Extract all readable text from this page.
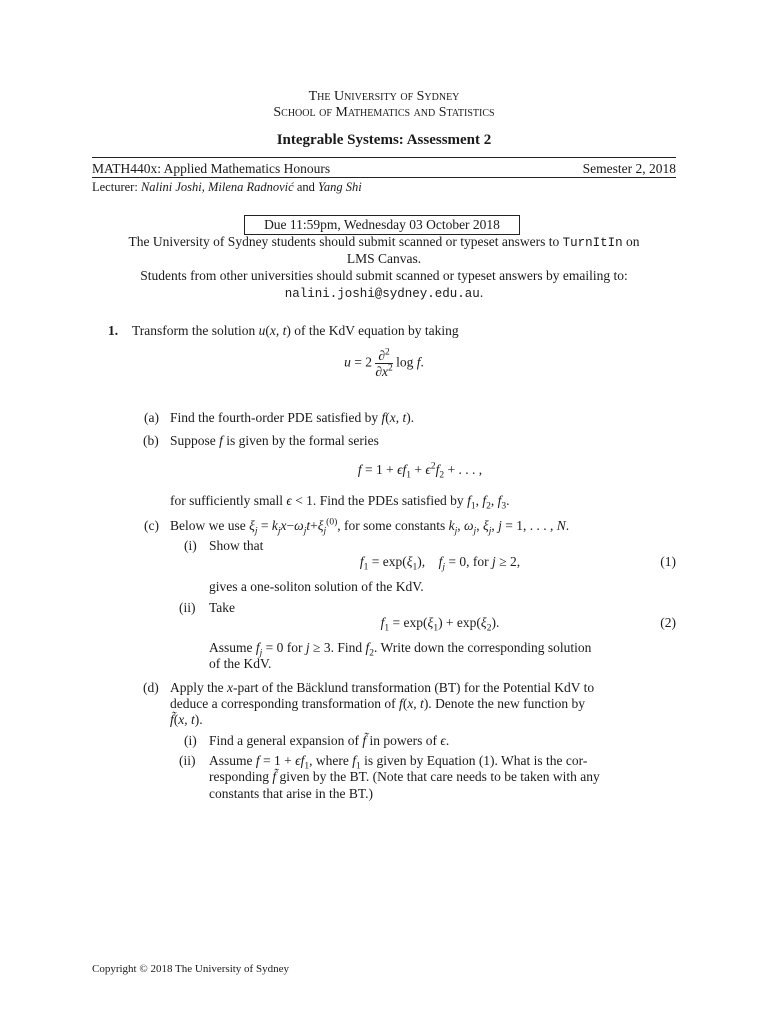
The University of Sydney
School of Mathematics and Statistics
Integrable Systems: Assessment 2
MATH440x: Applied Mathematics Honours	Semester 2, 2018
Lecturer: Nalini Joshi, Milena Radnović and Yang Shi
Due 11:59pm, Wednesday 03 October 2018
The University of Sydney students should submit scanned or typeset answers to TurnItIn on
LMS Canvas.
Students from other universities should submit scanned or typeset answers by emailing to:
nalini.joshi@sydney.edu.au.
1. Transform the solution u(x, t) of the KdV equation by taking
$u = 2 \frac{\partial^2}{\partial x^2}$ log f.
(a) Find the fourth-order PDE satisfied by f(x, t).
(b) Suppose f is given by the formal series
$f = 1 + \epsilon f_1 + \epsilon^2f_2$ + . . . ,
for sufficiently small ϵ < 1. Find the PDEs satisfied by $f_1$, $f_2$, $f_3$.
(c) Below we use $\xi_j = k_jx-\omega_jt+\xi_j^{(0)}$, for some constants $k_j$, $\omega_j$, $\xi_j$, j = 1, . . . , N.
(i) Show that
$f_1 = \exp(\xi_1)$,    $f_j = 0$, for j ≥ 2,	(1)
gives a one-soliton solution of the KdV.
(ii) Take
$f_1 = \exp(\xi_1) + \exp(\xi_2)$.	(2)
Assume $f_j = 0$ for j ≥ 3. Find $f_2$. Write down the corresponding solution
of the KdV.
(d) Apply the x-part of the Bäcklund transformation (BT) for the Potential KdV to
deduce a corresponding transformation of f(x, t). Denote the new function by
f̃(x, t).
(i) Find a general expansion of f̃ in powers of ϵ.
(ii) Assume $f = 1 + \epsilon f_1$, where $f_1$ is given by Equation (1). What is the cor-
responding f̃ given by the BT. (Note that care needs to be taken with any
constants that arise in the BT.)
Copyright © 2018 The University of Sydney
